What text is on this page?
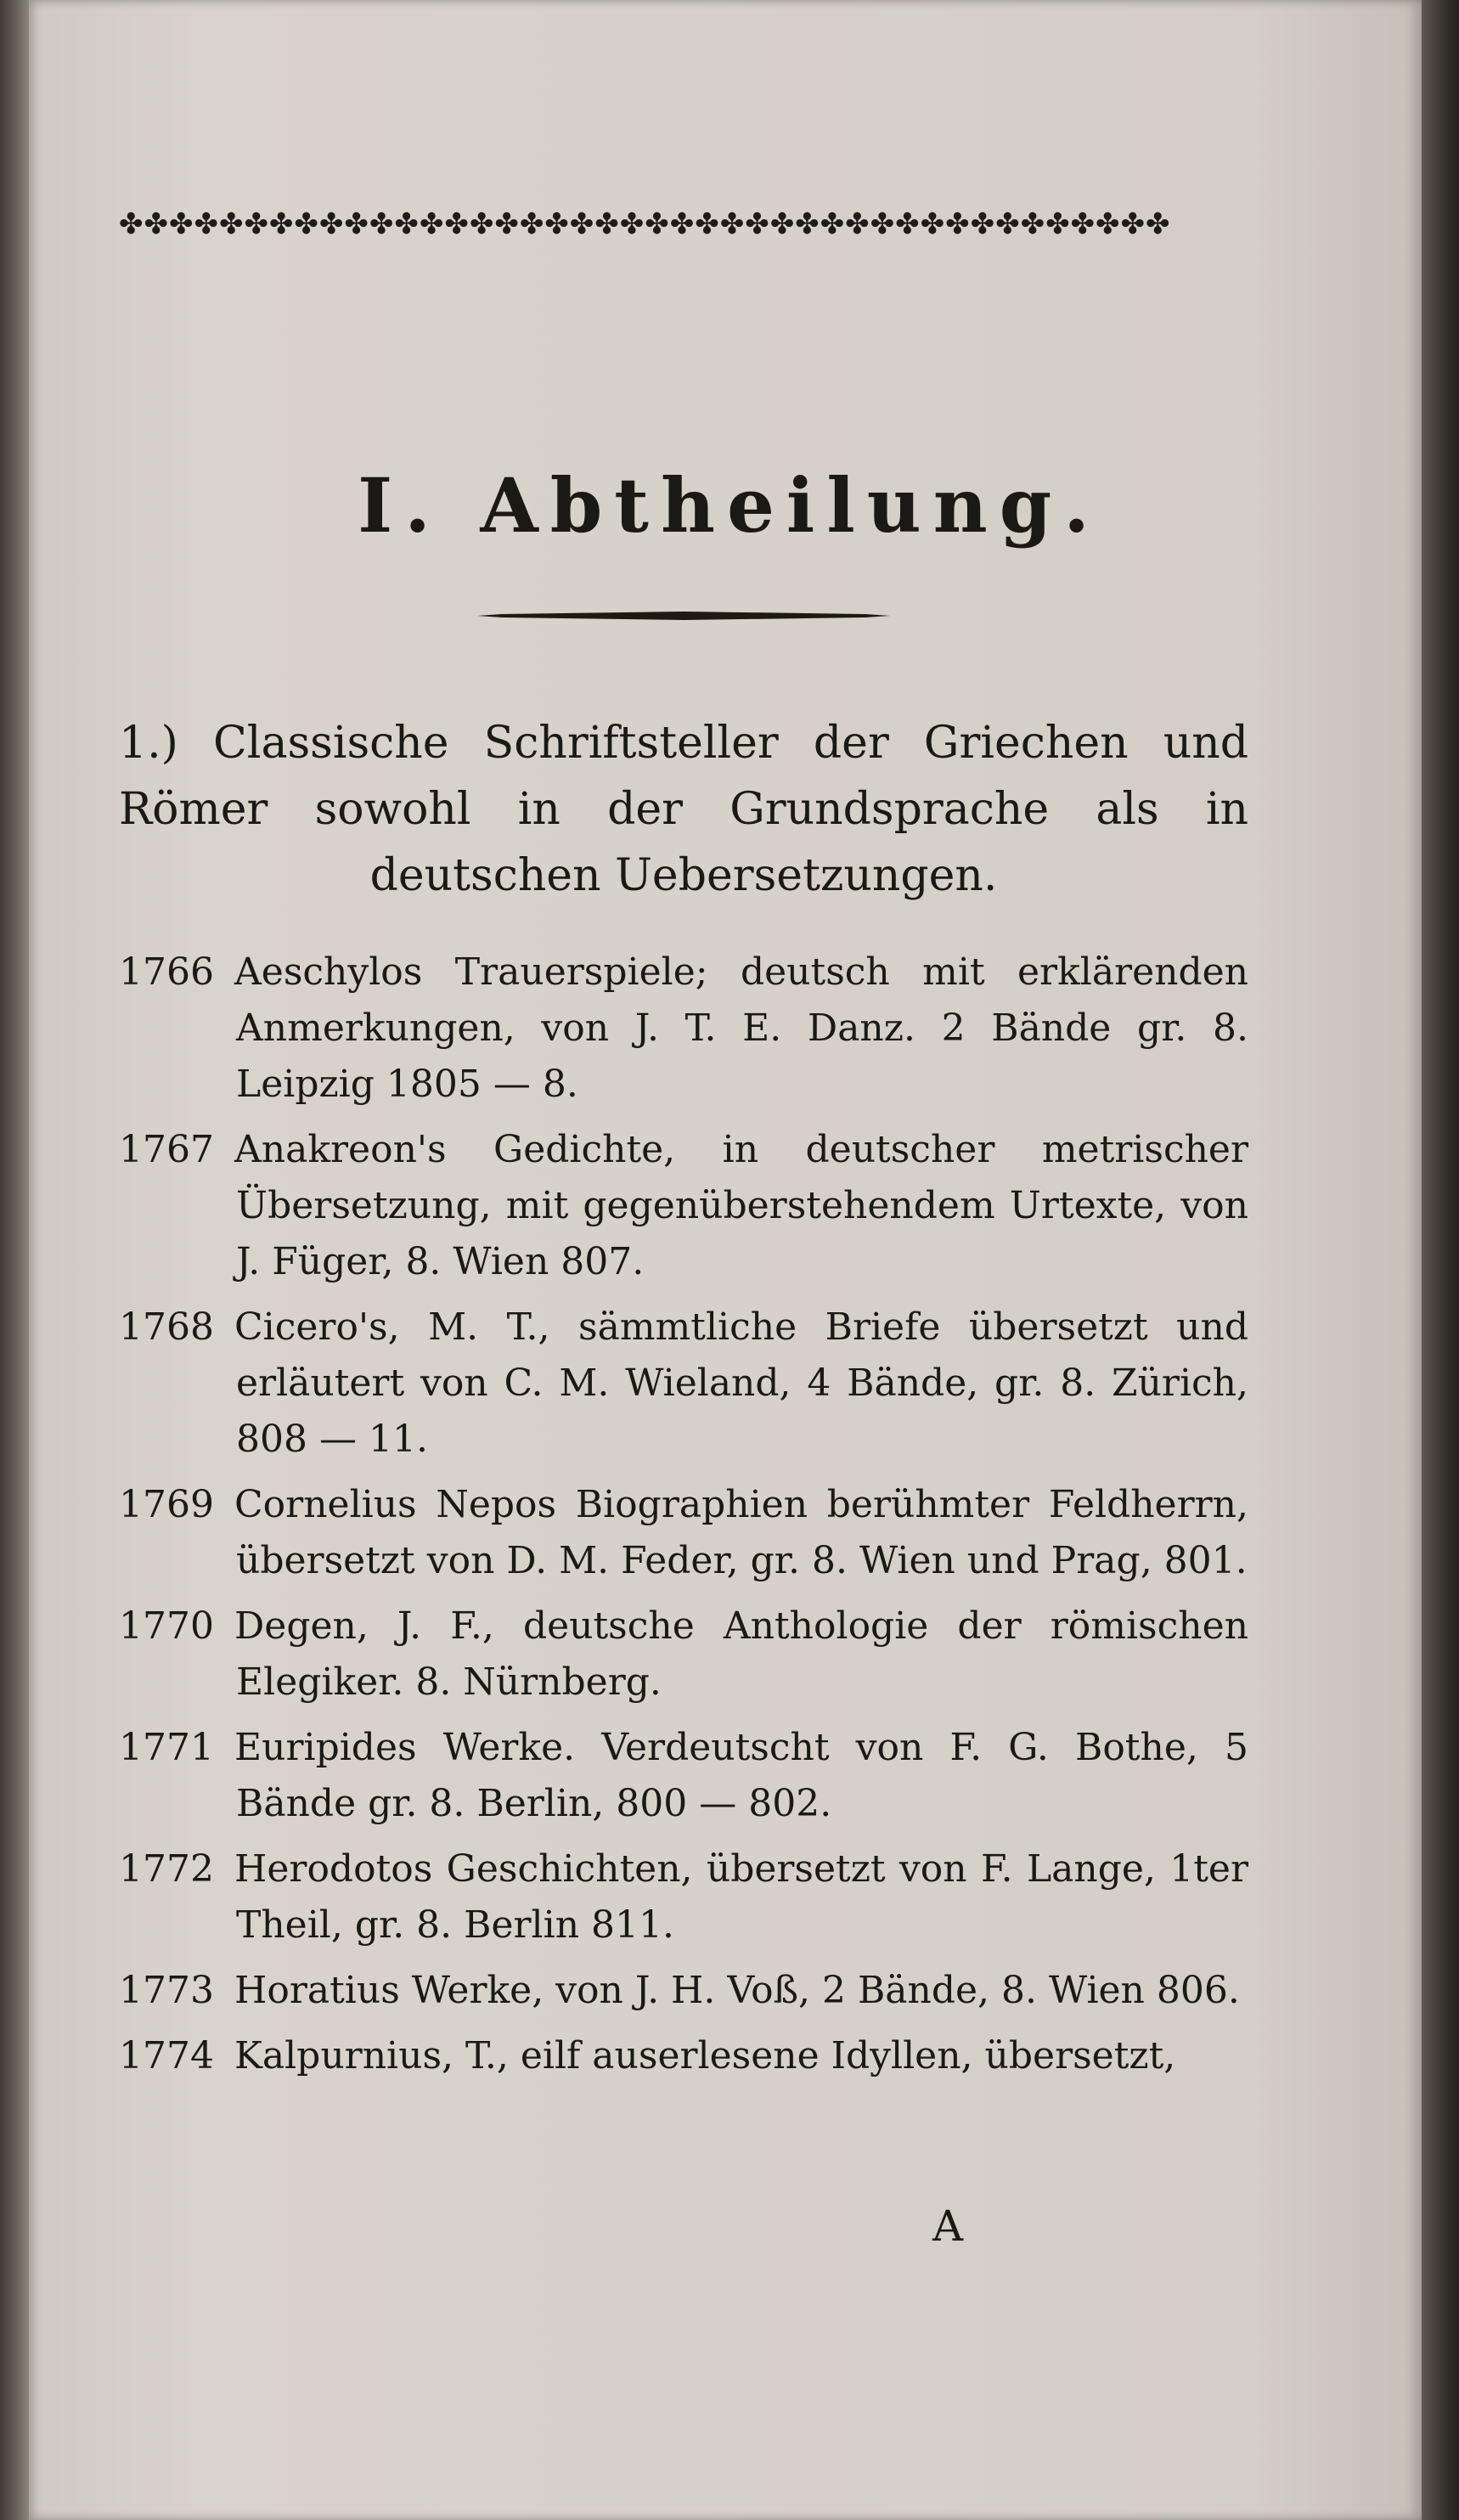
✤✤✤✤✤✤✤✤✤✤✤✤✤✤✤✤✤✤✤✤✤✤✤✤✤✤✤✤✤✤✤✤✤✤✤✤✤✤✤✤✤✤
I. Abtheilung.
1.) Classische Schriftsteller der Griechen und Römer sowohl in der Grundsprache als in deutschen Uebersetzungen.
1766 Aeschylos Trauerspiele; deutsch mit erklärenden Anmerkungen, von J. T. E. Danz. 2 Bände gr. 8. Leipzig 1805 — 8.
1767 Anakreon's Gedichte, in deutscher metrischer Übersetzung, mit gegenüberstehendem Urtexte, von J. Füger, 8. Wien 807.
1768 Cicero's, M. T., sämmtliche Briefe übersetzt und erläutert von C. M. Wieland, 4 Bände, gr. 8. Zürich, 808 — 11.
1769 Cornelius Nepos Biographien berühmter Feldherrn, übersetzt von D. M. Feder, gr. 8. Wien und Prag, 801.
1770 Degen, J. F., deutsche Anthologie der römischen Elegiker. 8. Nürnberg.
1771 Euripides Werke. Verdeutscht von F. G. Bothe, 5 Bände gr. 8. Berlin, 800 — 802.
1772 Herodotos Geschichten, übersetzt von F. Lange, 1ter Theil, gr. 8. Berlin 811.
1773 Horatius Werke, von J. H. Voß, 2 Bände, 8. Wien 806.
1774 Kalpurnius, T., eilf auserlesene Idyllen, übersetzt,
A
